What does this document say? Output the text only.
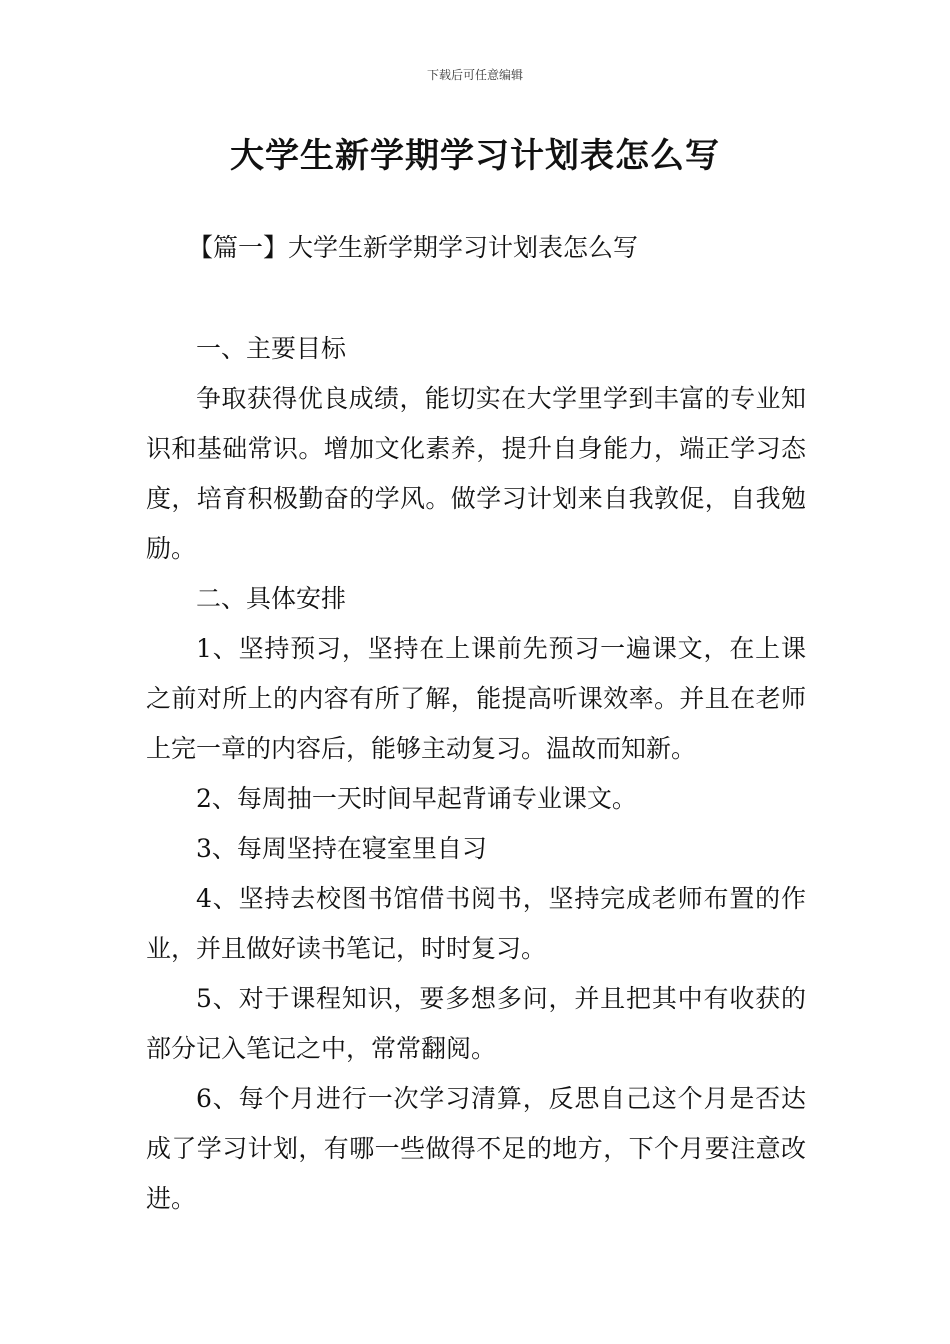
下载后可任意编辑
大学生新学期学习计划表怎么写
【篇一】大学生新学期学习计划表怎么写

一、主要目标

争取获得优良成绩，能切实在大学里学到丰富的专业知识和基础常识。增加文化素养，提升自身能力，端正学习态度，培育积极勤奋的学风。做学习计划来自我敦促，自我勉励。

二、具体安排

1、坚持预习，坚持在上课前先预习一遍课文，在上课之前对所上的内容有所了解，能提高听课效率。并且在老师上完一章的内容后，能够主动复习。温故而知新。

2、每周抽一天时间早起背诵专业课文。

3、每周坚持在寝室里自习

4、坚持去校图书馆借书阅书，坚持完成老师布置的作业，并且做好读书笔记，时时复习。

5、对于课程知识，要多想多问，并且把其中有收获的部分记入笔记之中，常常翻阅。

6、每个月进行一次学习清算，反思自己这个月是否达成了学习计划，有哪一些做得不足的地方，下个月要注意改进。
